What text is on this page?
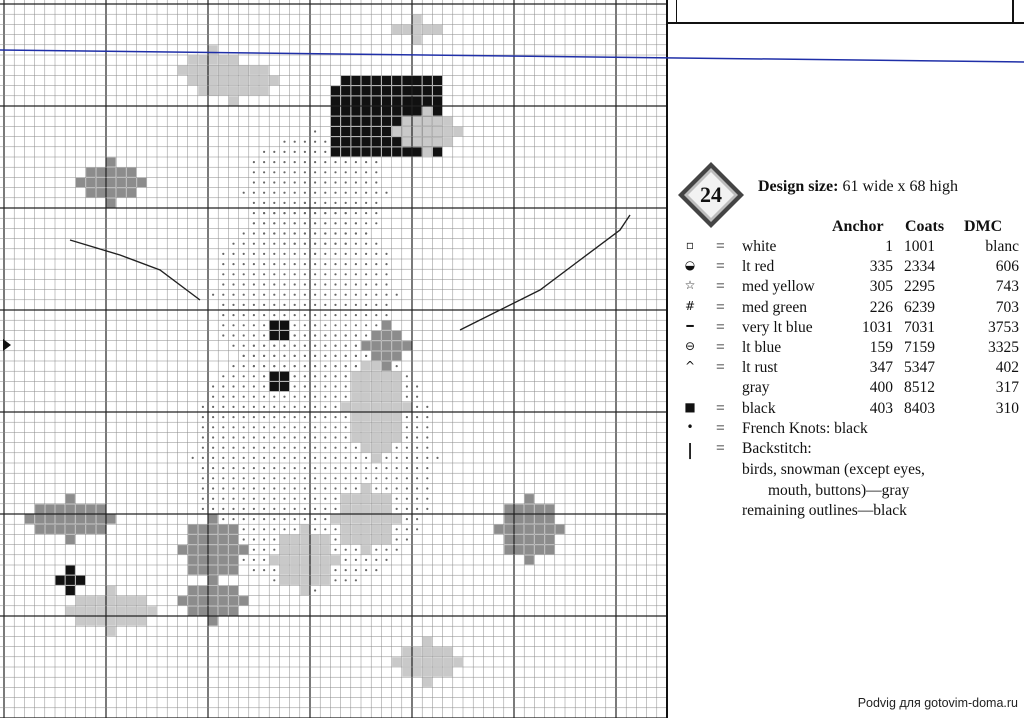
24 Design size: 61 wide x 68 high
Anchor Coats DMC
▫ = white	1 1001	blanc
◒ = lt red	335 2334	606
☆ = med yellow	305 2295	743
# = med green	226 6239	703
━ = very lt blue	1031 7031	3753
⊖ = lt blue	159 7159	3325
^ = lt rust	347 5347	402
gray	400 8512	317
■ = black	403 8403	310
• = French Knots: black
|	= Backstitch:
birds, snowman (except eyes,
mouth, buttons)—gray
remaining outlines—black
Podvig для gotovim-doma.ru
